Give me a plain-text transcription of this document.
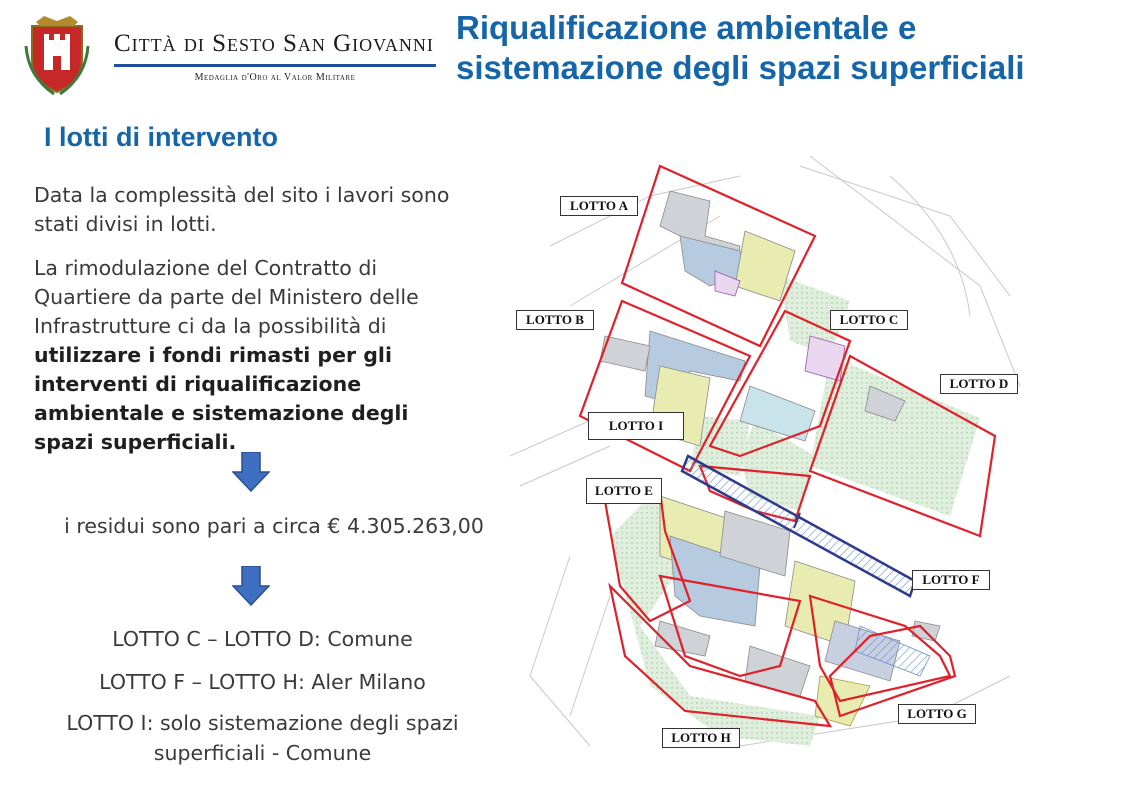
Città di Sesto San Giovanni
Medaglia d'Oro al Valor Militare
Riqualificazione ambientale e sistemazione degli spazi superficiali
I lotti di intervento
Data la complessità del sito i lavori sono stati divisi in lotti.
La rimodulazione del Contratto di Quartiere da parte del Ministero delle Infrastrutture ci da la possibilità di utilizzare i fondi rimasti per gli interventi di riqualificazione ambientale e sistemazione degli spazi superficiali.
i residui sono pari a circa € 4.305.263,00
LOTTO C – LOTTO D: Comune
LOTTO F – LOTTO H: Aler Milano
LOTTO I: solo sistemazione degli spazi superficiali - Comune
LOTTO A
LOTTO B	LOTTO C
LOTTO D
LOTTO I
LOTTO E
LOTTO F
LOTTO G
LOTTO H
